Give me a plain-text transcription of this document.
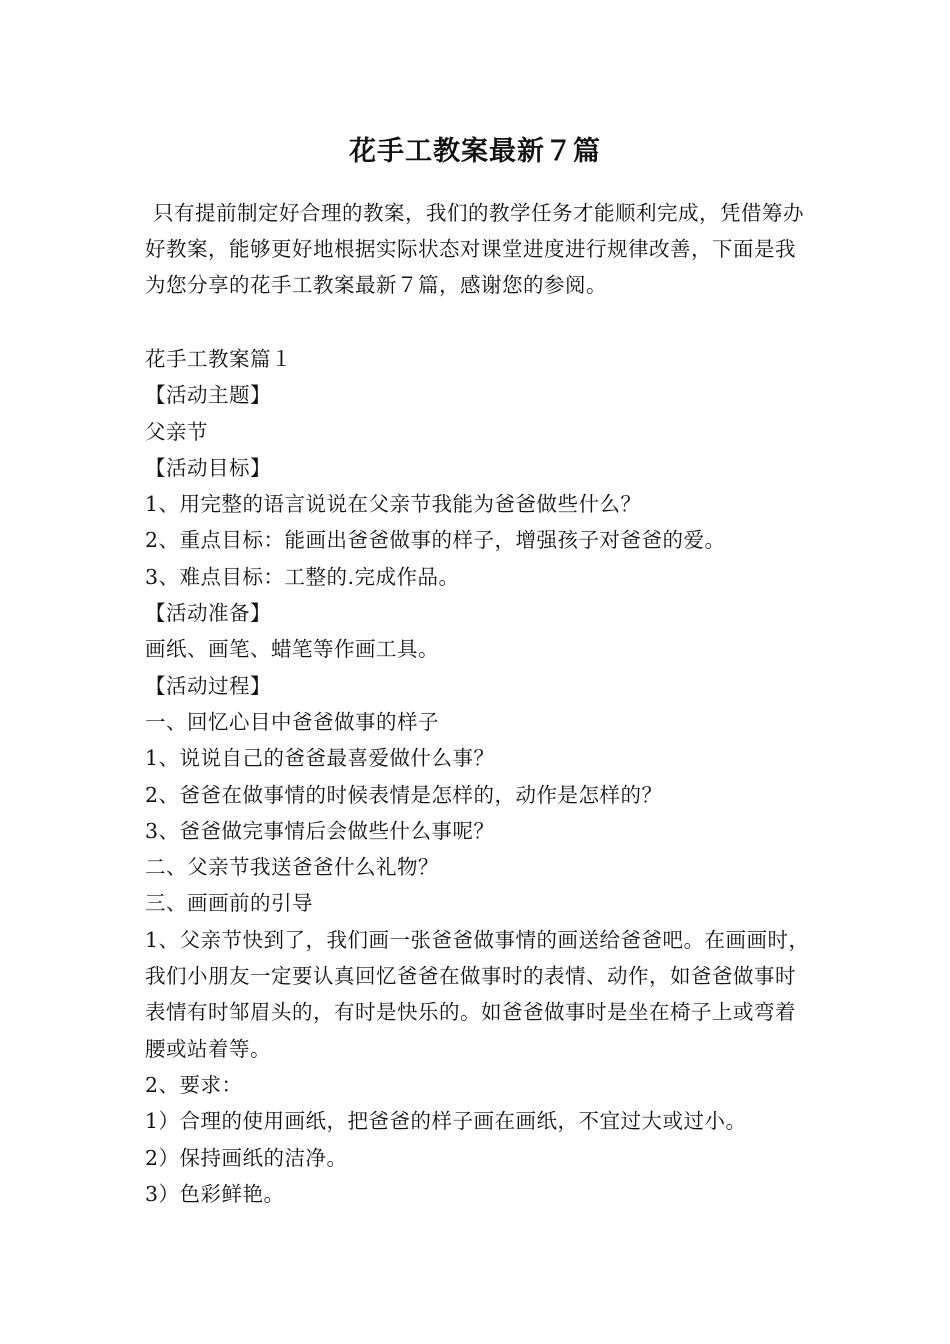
花手工教案最新７篇
只有提前制定好合理的教案，我们的教学任务才能顺利完成，凭借筹办好教案，能够更好地根据实际状态对课堂进度进行规律改善，下面是我为您分享的花手工教案最新７篇，感谢您的参阅。
花手工教案篇１
【活动主题】
父亲节
【活动目标】
1、用完整的语言说说在父亲节我能为爸爸做些什么？
2、重点目标：能画出爸爸做事的样子，增强孩子对爸爸的爱。
3、难点目标：工整的.完成作品。
【活动准备】
画纸、画笔、蜡笔等作画工具。
【活动过程】
一、回忆心目中爸爸做事的样子
1、说说自己的爸爸最喜爱做什么事？
2、爸爸在做事情的时候表情是怎样的，动作是怎样的？
3、爸爸做完事情后会做些什么事呢？
二、父亲节我送爸爸什么礼物？
三、画画前的引导
1、父亲节快到了，我们画一张爸爸做事情的画送给爸爸吧。在画画时，我们小朋友一定要认真回忆爸爸在做事时的表情、动作，如爸爸做事时表情有时邹眉头的，有时是快乐的。如爸爸做事时是坐在椅子上或弯着腰或站着等。
2、要求：
1）合理的使用画纸，把爸爸的样子画在画纸，不宜过大或过小。
2）保持画纸的洁净。
3）色彩鲜艳。
